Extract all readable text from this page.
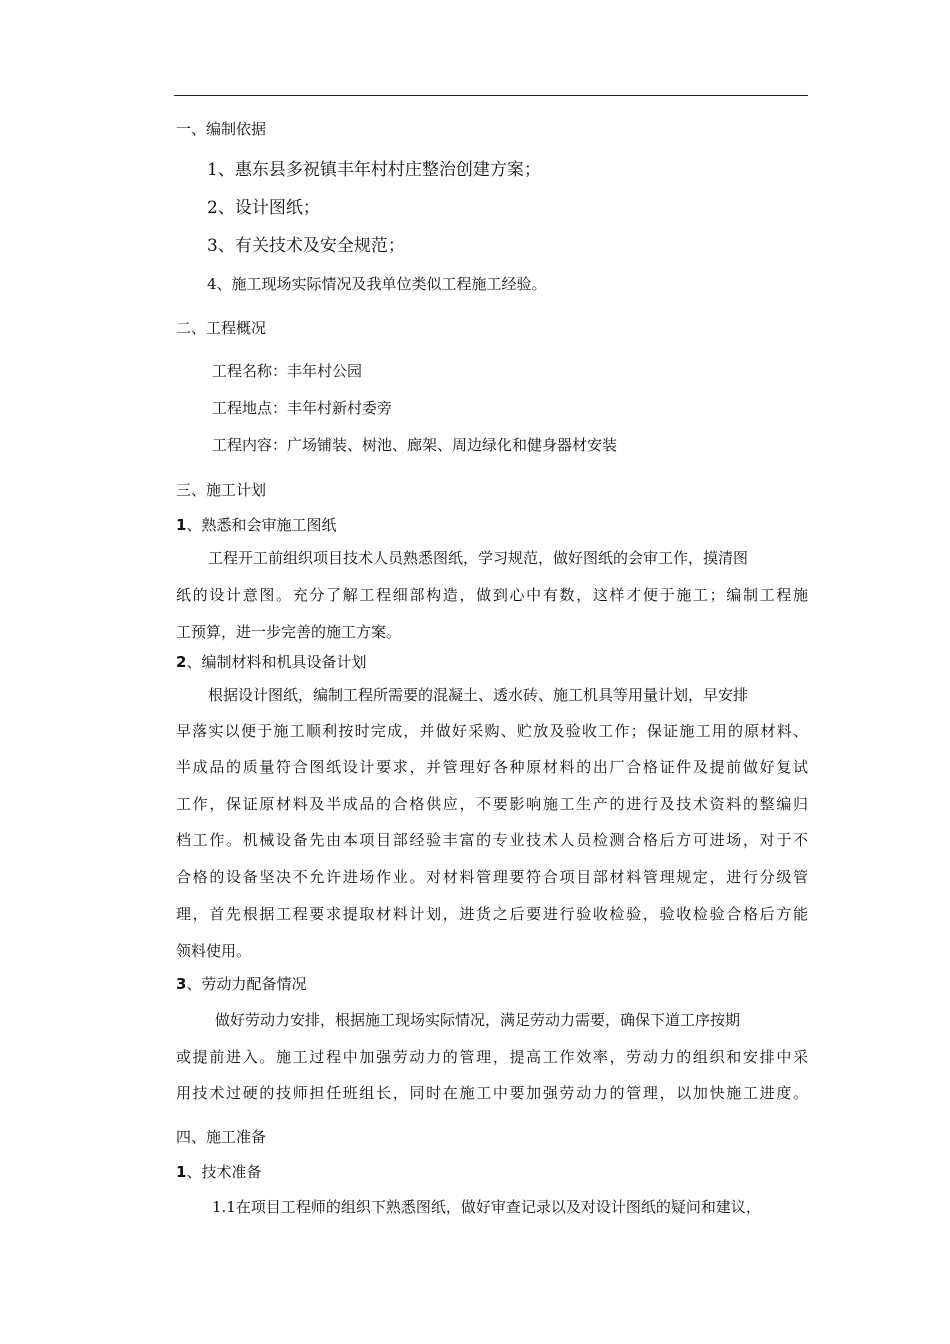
一、编制依据
1、惠东县多祝镇丰年村村庄整治创建方案；
2、设计图纸；
3、有关技术及安全规范；
4、施工现场实际情况及我单位类似工程施工经验。
二、工程概况
工程名称：丰年村公园
工程地点：丰年村新村委旁
工程内容：广场铺装、树池、廊架、周边绿化和健身器材安装
三、施工计划
1、熟悉和会审施工图纸
工程开工前组织项目技术人员熟悉图纸，学习规范，做好图纸的会审工作，摸清图
纸的设计意图。充分了解工程细部构造，做到心中有数，这样才便于施工；编制工程施
工预算，进一步完善的施工方案。
2、编制材料和机具设备计划
根据设计图纸，编制工程所需要的混凝土、透水砖、施工机具等用量计划，早安排
早落实以便于施工顺利按时完成，并做好采购、贮放及验收工作；保证施工用的原材料、
半成品的质量符合图纸设计要求，并管理好各种原材料的出厂合格证件及提前做好复试
工作，保证原材料及半成品的合格供应，不要影响施工生产的进行及技术资料的整编归
档工作。机械设备先由本项目部经验丰富的专业技术人员检测合格后方可进场，对于不
合格的设备坚决不允许进场作业。对材料管理要符合项目部材料管理规定，进行分级管
理，首先根据工程要求提取材料计划，进货之后要进行验收检验，验收检验合格后方能
领料使用。
3、劳动力配备情况
做好劳动力安排，根据施工现场实际情况，满足劳动力需要，确保下道工序按期
或提前进入。施工过程中加强劳动力的管理，提高工作效率，劳动力的组织和安排中采
用技术过硬的技师担任班组长，同时在施工中要加强劳动力的管理，以加快施工进度。
四、施工准备
1、技术准备
1.1在项目工程师的组织下熟悉图纸，做好审查记录以及对设计图纸的疑问和建议，
